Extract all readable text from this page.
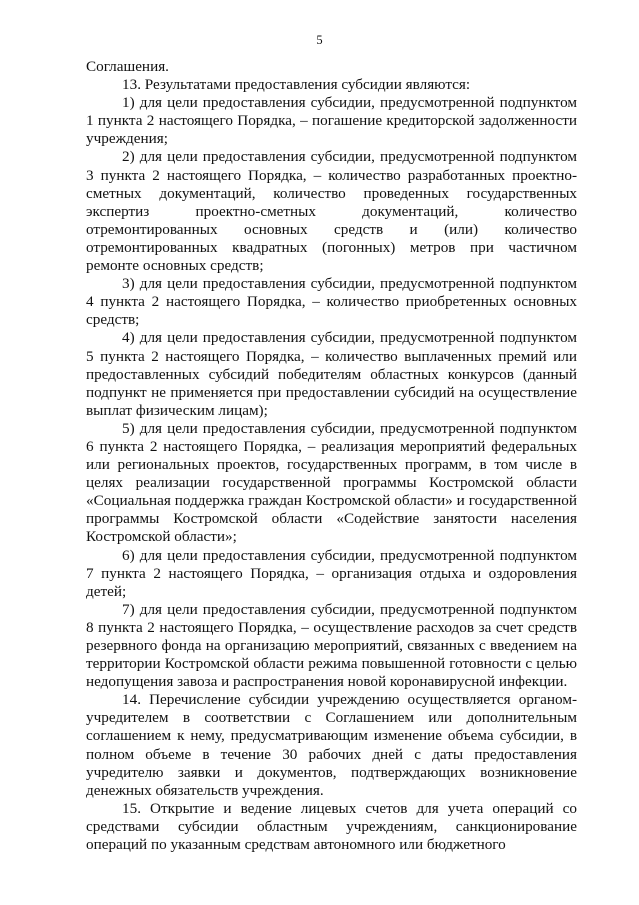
5

Соглашения.

13. Результатами предоставления субсидии являются:

1) для цели предоставления субсидии, предусмотренной подпунктом 1 пункта 2 настоящего Порядка, – погашение кредиторской задолженности учреждения;

2) для цели предоставления субсидии, предусмотренной подпунктом 3 пункта 2 настоящего Порядка, – количество разработанных проектно-сметных документаций, количество проведенных государственных экспертиз проектно-сметных документаций, количество отремонтированных основных средств и (или) количество отремонтированных квадратных (погонных) метров при частичном ремонте основных средств;

3) для цели предоставления субсидии, предусмотренной подпунктом 4 пункта 2 настоящего Порядка, – количество приобретенных основных средств;

4) для цели предоставления субсидии, предусмотренной подпунктом 5 пункта 2 настоящего Порядка, – количество выплаченных премий или предоставленных субсидий победителям областных конкурсов (данный подпункт не применяется при предоставлении субсидий на осуществление выплат физическим лицам);

5) для цели предоставления субсидии, предусмотренной подпунктом 6 пункта 2 настоящего Порядка, – реализация мероприятий федеральных или региональных проектов, государственных программ, в том числе в целях реализации государственной программы Костромской области «Социальная поддержка граждан Костромской области» и государственной программы Костромской области «Содействие занятости населения Костромской области»;

6) для цели предоставления субсидии, предусмотренной подпунктом 7 пункта 2 настоящего Порядка, – организация отдыха и оздоровления детей;

7) для цели предоставления субсидии, предусмотренной подпунктом 8 пункта 2 настоящего Порядка, – осуществление расходов за счет средств резервного фонда на организацию мероприятий, связанных с введением на территории Костромской области режима повышенной готовности с целью недопущения завоза и распространения новой коронавирусной инфекции.

14. Перечисление субсидии учреждению осуществляется органом-учредителем в соответствии с Соглашением или дополнительным соглашением к нему, предусматривающим изменение объема субсидии, в полном объеме в течение 30 рабочих дней с даты предоставления учредителю заявки и документов, подтверждающих возникновение денежных обязательств учреждения.

15. Открытие и ведение лицевых счетов для учета операций со средствами субсидии областным учреждениям, санкционирование операций по указанным средствам автономного или бюджетного
